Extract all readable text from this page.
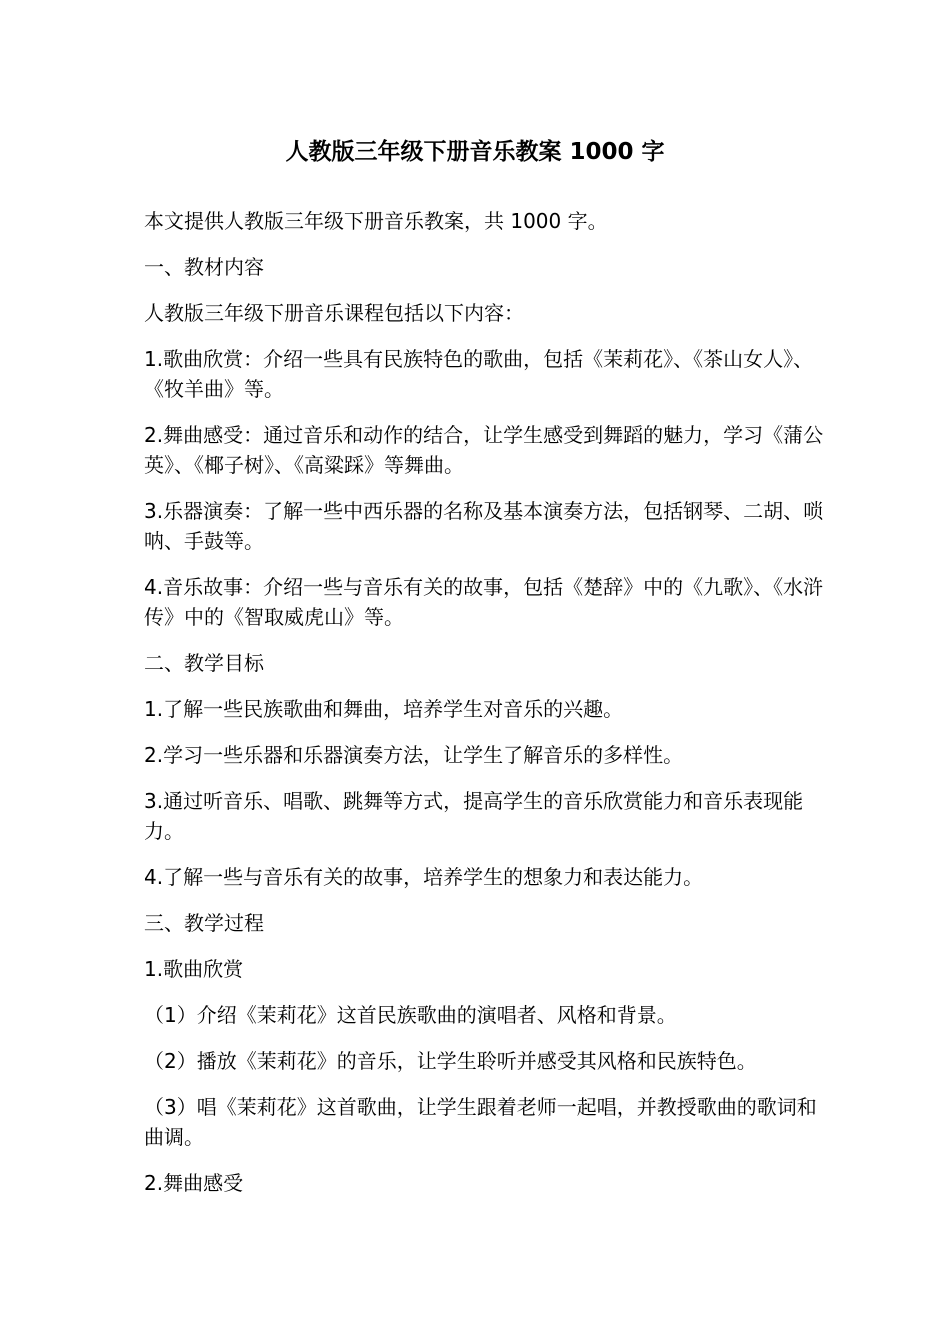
人教版三年级下册音乐教案 1000 字

本文提供人教版三年级下册音乐教案，共 1000 字。

一、教材内容

人教版三年级下册音乐课程包括以下内容：

1.歌曲欣赏：介绍一些具有民族特色的歌曲，包括《茉莉花》、《茶山女人》、《牧羊曲》等。

2.舞曲感受：通过音乐和动作的结合，让学生感受到舞蹈的魅力，学习《蒲公英》、《椰子树》、《高粱踩》等舞曲。

3.乐器演奏：了解一些中西乐器的名称及基本演奏方法，包括钢琴、二胡、唢呐、手鼓等。

4.音乐故事：介绍一些与音乐有关的故事，包括《楚辞》中的《九歌》、《水浒传》中的《智取威虎山》等。

二、教学目标

1.了解一些民族歌曲和舞曲，培养学生对音乐的兴趣。

2.学习一些乐器和乐器演奏方法，让学生了解音乐的多样性。

3.通过听音乐、唱歌、跳舞等方式，提高学生的音乐欣赏能力和音乐表现能力。

4.了解一些与音乐有关的故事，培养学生的想象力和表达能力。

三、教学过程

1.歌曲欣赏

（1）介绍《茉莉花》这首民族歌曲的演唱者、风格和背景。

（2）播放《茉莉花》的音乐，让学生聆听并感受其风格和民族特色。

（3）唱《茉莉花》这首歌曲，让学生跟着老师一起唱，并教授歌曲的歌词和曲调。

2.舞曲感受
